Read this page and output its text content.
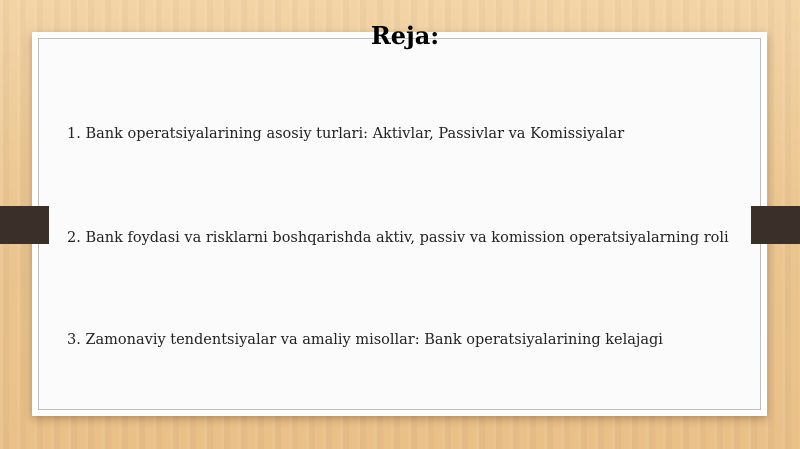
Reja:

1. Bank operatsiyalarining asosiy turlari: Aktivlar, Passivlar va Komissiyalar

2. Bank foydasi va risklarni boshqarishda aktiv, passiv va komission operatsiyalarning roli

3. Zamonaviy tendentsiyalar va amaliy misollar: Bank operatsiyalarining kelajagi
